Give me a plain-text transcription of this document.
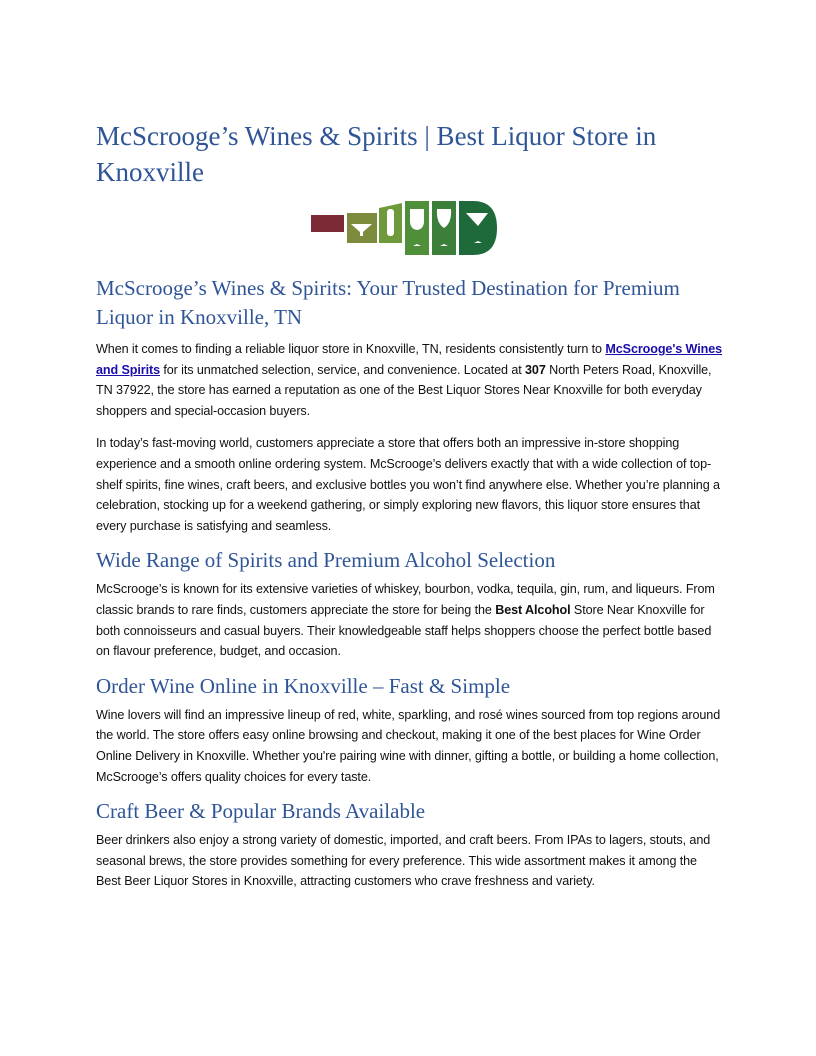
McScrooge’s Wines & Spirits | Best Liquor Store in Knoxville
McScrooge’s Wines & Spirits: Your Trusted Destination for Premium Liquor in Knoxville, TN

When it comes to finding a reliable liquor store in Knoxville, TN, residents consistently turn to McScrooge's Wines and Spirits for its unmatched selection, service, and convenience. Located at 307 North Peters Road, Knoxville, TN 37922, the store has earned a reputation as one of the Best Liquor Stores Near Knoxville for both everyday shoppers and special-occasion buyers.

In today’s fast-moving world, customers appreciate a store that offers both an impressive in-store shopping experience and a smooth online ordering system. McScrooge’s delivers exactly that with a wide collection of top-shelf spirits, fine wines, craft beers, and exclusive bottles you won’t find anywhere else. Whether you’re planning a celebration, stocking up for a weekend gathering, or simply exploring new flavors, this liquor store ensures that every purchase is satisfying and seamless.

Wide Range of Spirits and Premium Alcohol Selection

McScrooge’s is known for its extensive varieties of whiskey, bourbon, vodka, tequila, gin, rum, and liqueurs. From classic brands to rare finds, customers appreciate the store for being the Best Alcohol Store Near Knoxville for both connoisseurs and casual buyers. Their knowledgeable staff helps shoppers choose the perfect bottle based on flavour preference, budget, and occasion.

Order Wine Online in Knoxville – Fast & Simple

Wine lovers will find an impressive lineup of red, white, sparkling, and rosé wines sourced from top regions around the world. The store offers easy online browsing and checkout, making it one of the best places for Wine Order Online Delivery in Knoxville. Whether you're pairing wine with dinner, gifting a bottle, or building a home collection, McScrooge’s offers quality choices for every taste.

Craft Beer & Popular Brands Available

Beer drinkers also enjoy a strong variety of domestic, imported, and craft beers. From IPAs to lagers, stouts, and seasonal brews, the store provides something for every preference. This wide assortment makes it among the Best Beer Liquor Stores in Knoxville, attracting customers who crave freshness and variety.
